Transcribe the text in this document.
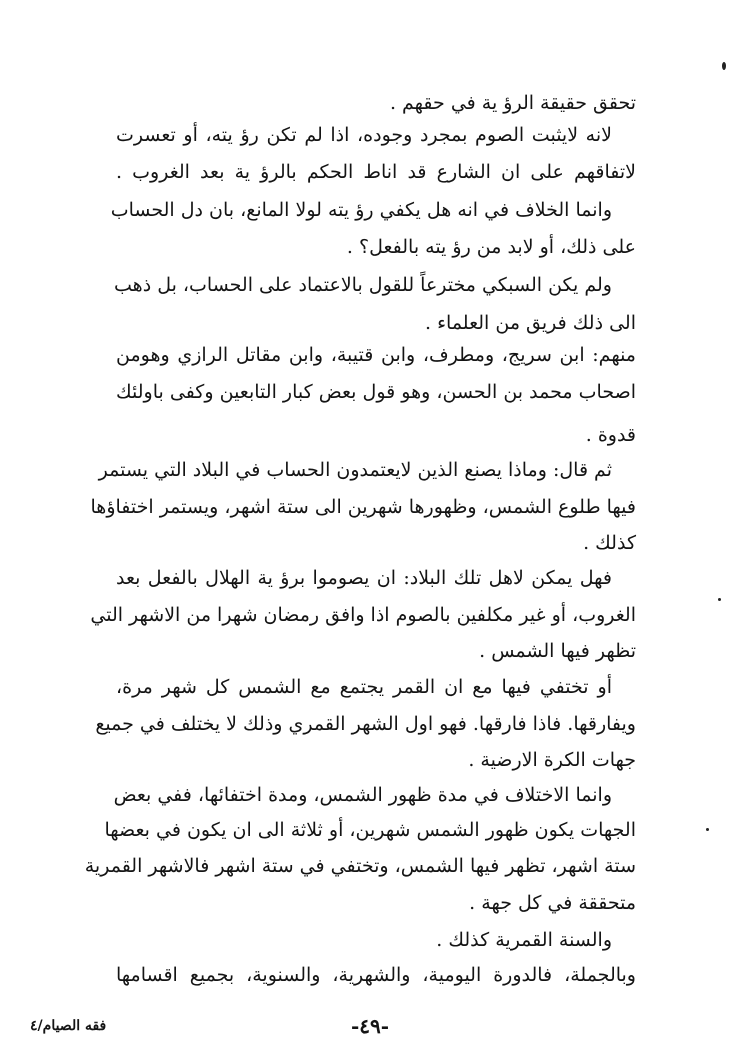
تحقق حقيقة الرؤ ية في حقهم .
لانه لايثبت الصوم بمجرد وجوده، اذا لم تكن رؤ يته، أو تعسرت
لاتفاقهم على ان الشارع قد اناط الحكم بالرؤ ية بعد الغروب .
وانما الخلاف في انه هل يكفي رؤ يته لولا المانع، بان دل الحساب
على ذلك، أو لابد من رؤ يته بالفعل؟ .
ولم يكن السبكي مخترعاً للقول بالاعتماد على الحساب، بل ذهب
الى ذلك فريق من العلماء .
منهم: ابن سريج، ومطرف، وابن قتيبة، وابن مقاتل الرازي وهومن
اصحاب محمد بن الحسن، وهو قول بعض كبار التابعين وكفى باولئك
قدوة .
ثم قال: وماذا يصنع الذين لايعتمدون الحساب في البلاد التي يستمر
فيها طلوع الشمس، وظهورها شهرين الى ستة اشهر، ويستمر اختفاؤها
كذلك .
فهل يمكن لاهل تلك البلاد: ان يصوموا برؤ ية الهلال بالفعل بعد
الغروب، أو غير مكلفين بالصوم اذا وافق رمضان شهرا من الاشهر التي
تظهر فيها الشمس .
أو تختفي فيها مع ان القمر يجتمع مع الشمس كل شهر مرة،
ويفارقها. فاذا فارقها. فهو اول الشهر القمري وذلك لا يختلف في جميع
جهات الكرة الارضية .
وانما الاختلاف في مدة ظهور الشمس، ومدة اختفائها، ففي بعض
الجهات يكون ظهور الشمس شهرين، أو ثلاثة الى ان يكون في بعضها
ستة اشهر، تظهر فيها الشمس، وتختفي في ستة اشهر فالاشهر القمرية
متحققة في كل جهة .
والسنة القمرية كذلك .
وبالجملة، فالدورة اليومية، والشهرية، والسنوية، بجميع اقسامها
-٤٩-
فقه الصيام/٤
